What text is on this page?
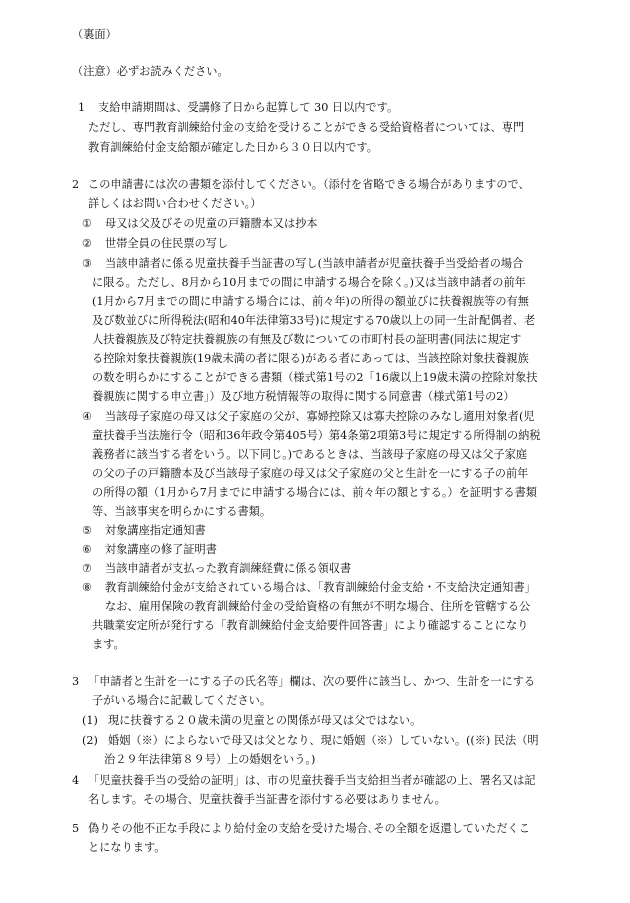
（裏面）
（注意）必ずお読みください。
1 支給申請期間は、受講修了日から起算して 30 日以内です。
ただし、専門教育訓練給付金の支給を受けることができる受給資格者については、専門
教育訓練給付金支給額が確定した日から３０日以内です。
2 この申請書には次の書類を添付してください。（添付を省略できる場合がありますので、
詳しくはお問い合わせください。）
① 母又は父及びその児童の戸籍謄本又は抄本
② 世帯全員の住民票の写し
③ 当該申請者に係る児童扶養手当証書の写し(当該申請者が児童扶養手当受給者の場合
に限る。ただし、8月から10月までの間に申請する場合を除く。)又は当該申請者の前年
(1月から7月までの間に申請する場合には、前々年)の所得の額並びに扶養親族等の有無
及び数並びに所得税法(昭和40年法律第33号)に規定する70歳以上の同一生計配偶者、老
人扶養親族及び特定扶養親族の有無及び数についての市町村長の証明書(同法に規定す
る控除対象扶養親族(19歳未満の者に限る)がある者にあっては、当該控除対象扶養親族
の数を明らかにすることができる書類（様式第1号の2「16歳以上19歳未満の控除対象扶
養親族に関する申立書」）及び地方税情報等の取得に関する同意書（様式第1号の2）
④ 当該母子家庭の母又は父子家庭の父が、寡婦控除又は寡夫控除のみなし適用対象者(児
童扶養手当法施行令（昭和36年政令第405号）第4条第2項第3号に規定する所得制の納税
義務者に該当する者をいう。以下同じ。)であるときは、当該母子家庭の母又は父子家庭
の父の子の戸籍謄本及び当該母子家庭の母又は父子家庭の父と生計を一にする子の前年
の所得の額（1月から7月までに申請する場合には、前々年の額とする。）を証明する書類
等、当該事実を明らかにする書類。
⑤ 対象講座指定通知書
⑥ 対象講座の修了証明書
⑦ 当該申請者が支払った教育訓練経費に係る領収書
⑧ 教育訓練給付金が支給されている場合は、「教育訓練給付金支給・不支給決定通知書」
なお、雇用保険の教育訓練給付金の受給資格の有無が不明な場合、住所を管轄する公
共職業安定所が発行する「教育訓練給付金支給要件回答書」により確認することになり
ます。
3 「申請者と生計を一にする子の氏名等」欄は、次の要件に該当し、かつ、生計を一にする
子がいる場合に記載してください。
(1) 現に扶養する２０歳未満の児童との関係が母又は父ではない。
(2) 婚姻（※）によらないで母又は父となり、現に婚姻（※）していない。((※) 民法（明
治２９年法律第８９号）上の婚姻をいう。)
4 「児童扶養手当の受給の証明」は、市の児童扶養手当支給担当者が確認の上、署名又は記
名します。その場合、児童扶養手当証書を添付する必要はありません。
5 偽りその他不正な手段により給付金の支給を受けた場合､その全額を返還していただくこ
とになります。
